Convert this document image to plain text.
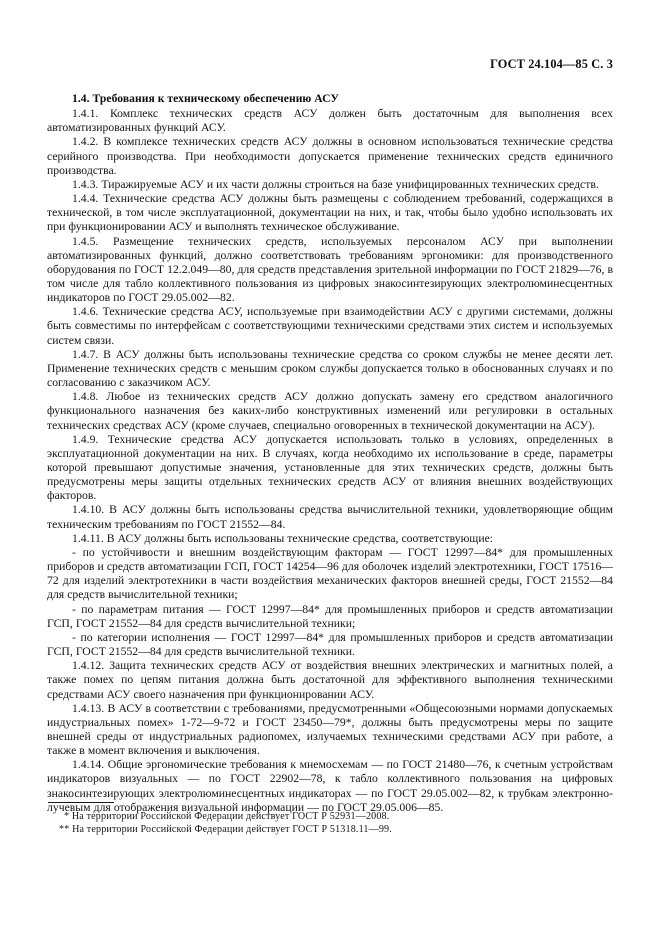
ГОСТ 24.104—85 С. 3
1.4. Требования к техническому обеспечению АСУ

1.4.1. Комплекс технических средств АСУ должен быть достаточным для выполнения всех автоматизированных функций АСУ.

1.4.2. В комплексе технических средств АСУ должны в основном использоваться технические средства серийного производства. При необходимости допускается применение технических средств единичного производства.

1.4.3. Тиражируемые АСУ и их части должны строиться на базе унифицированных технических средств.

1.4.4. Технические средства АСУ должны быть размещены с соблюдением требований, содержащихся в технической, в том числе эксплуатационной, документации на них, и так, чтобы было удобно использовать их при функционировании АСУ и выполнять техническое обслуживание.

1.4.5. Размещение технических средств, используемых персоналом АСУ при выполнении автоматизированных функций, должно соответствовать требованиям эргономики: для производственного оборудования по ГОСТ 12.2.049—80, для средств представления зрительной информации по ГОСТ 21829—76, в том числе для табло коллективного пользования из цифровых знакосинтезирующих электролюминесцентных индикаторов по ГОСТ 29.05.002—82.

1.4.6. Технические средства АСУ, используемые при взаимодействии АСУ с другими системами, должны быть совместимы по интерфейсам с соответствующими техническими средствами этих систем и используемых систем связи.

1.4.7. В АСУ должны быть использованы технические средства со сроком службы не менее десяти лет. Применение технических средств с меньшим сроком службы допускается только в обоснованных случаях и по согласованию с заказчиком АСУ.

1.4.8. Любое из технических средств АСУ должно допускать замену его средством аналогичного функционального назначения без каких-либо конструктивных изменений или регулировки в остальных технических средствах АСУ (кроме случаев, специально оговоренных в технической документации на АСУ).

1.4.9. Технические средства АСУ допускается использовать только в условиях, определенных в эксплуатационной документации на них. В случаях, когда необходимо их использование в среде, параметры которой превышают допустимые значения, установленные для этих технических средств, должны быть предусмотрены меры защиты отдельных технических средств АСУ от влияния внешних воздействующих факторов.

1.4.10. В АСУ должны быть использованы средства вычислительной техники, удовлетворяющие общим техническим требованиям по ГОСТ 21552—84.

1.4.11. В АСУ должны быть использованы технические средства, соответствующие:

- по устойчивости и внешним воздействующим факторам — ГОСТ 12997—84* для промышленных приборов и средств автоматизации ГСП, ГОСТ 14254—96 для оболочек изделий электротехники, ГОСТ 17516—72 для изделий электротехники в части воздействия механических факторов внешней среды, ГОСТ 21552—84 для средств вычислительной техники;

- по параметрам питания — ГОСТ 12997—84* для промышленных приборов и средств автоматизации ГСП, ГОСТ 21552—84 для средств вычислительной техники;

- по категории исполнения — ГОСТ 12997—84* для промышленных приборов и средств автоматизации ГСП, ГОСТ 21552—84 для средств вычислительной техники.

1.4.12. Защита технических средств АСУ от воздействия внешних электрических и магнитных полей, а также помех по цепям питания должна быть достаточной для эффективного выполнения техническими средствами АСУ своего назначения при функционировании АСУ.

1.4.13. В АСУ в соответствии с требованиями, предусмотренными «Общесоюзными нормами допускаемых индустриальных помех» 1-72—9-72 и ГОСТ 23450—79*, должны быть предусмотрены меры по защите внешней среды от индустриальных радиопомех, излучаемых техническими средствами АСУ при работе, а также в момент включения и выключения.

1.4.14. Общие эргономические требования к мнемосхемам — по ГОСТ 21480—76, к счетным устройствам индикаторов визуальных — по ГОСТ 22902—78, к табло коллективного пользования на цифровых знакосинтезирующих электролюминесцентных индикаторах — по ГОСТ 29.05.002—82, к трубкам электронно-лучевым для отображения визуальной информации — по ГОСТ 29.05.006—85.

* На территории Российской Федерации действует ГОСТ Р 52931—2008.

** На территории Российской Федерации действует ГОСТ Р 51318.11—99.
